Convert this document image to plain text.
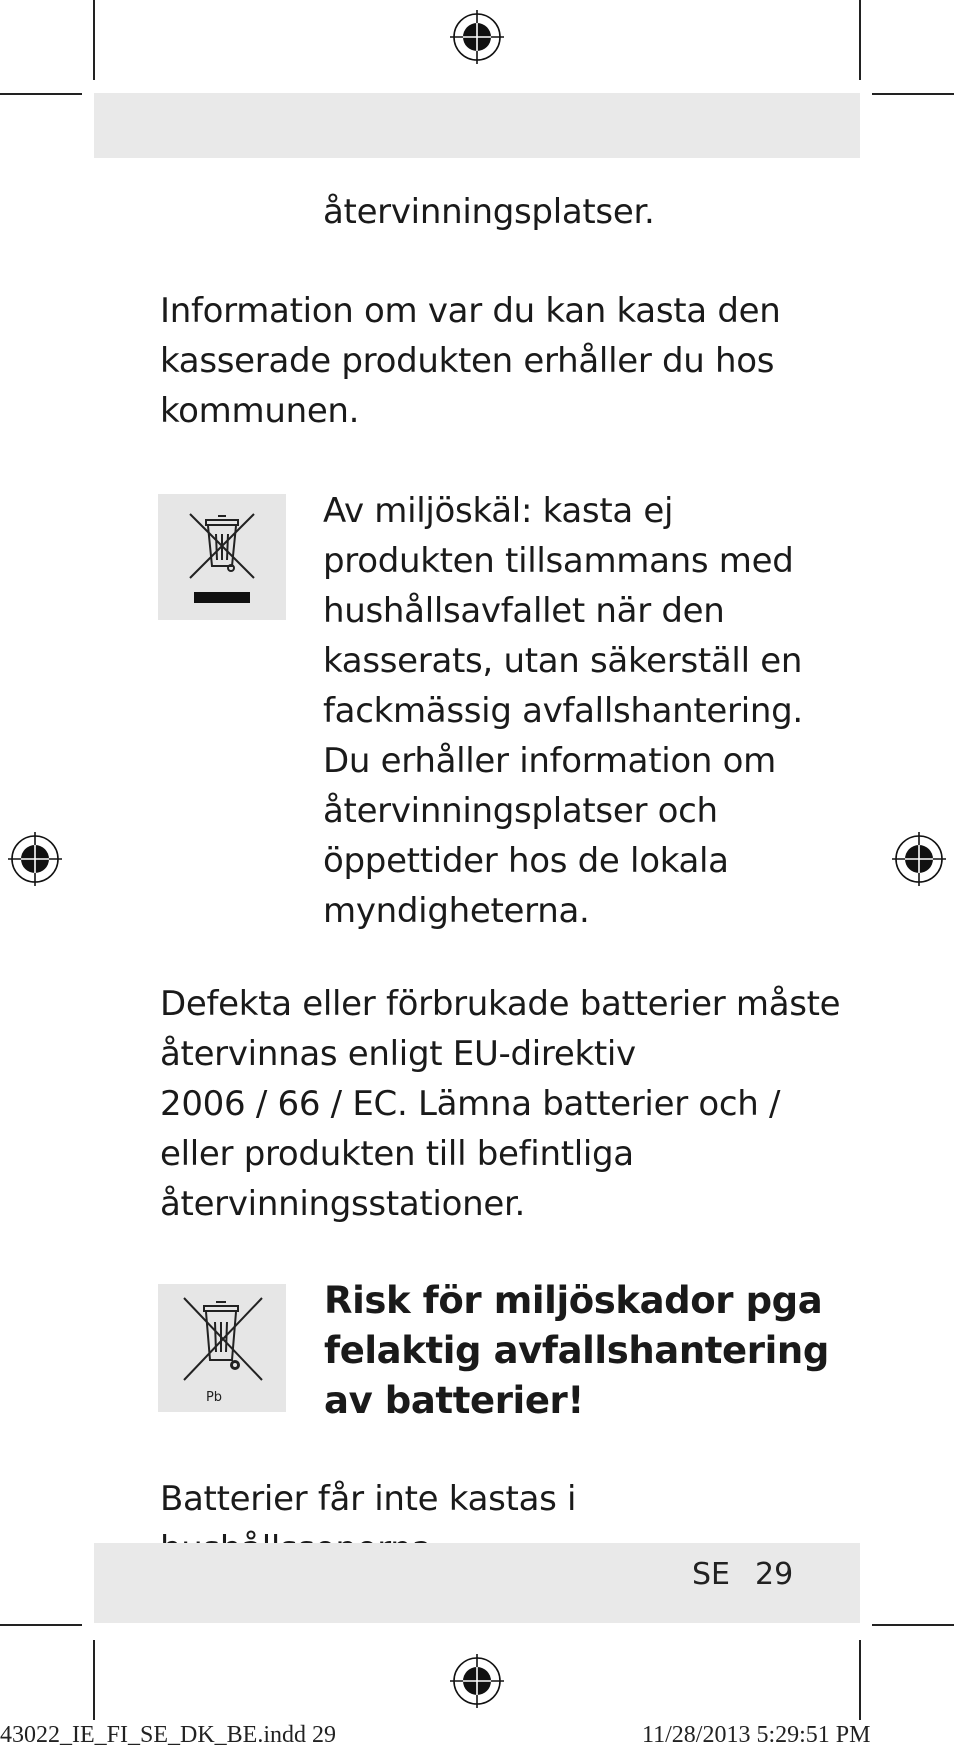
återvinningsplatser.
Information om var du kan kasta den
kasserade produkten erhåller du hos
kommunen.
Av miljöskäl: kasta ej
produkten tillsammans med
hushållsavfallet när den
kasserats, utan säkerställ en
fackmässig avfallshantering.
Du erhåller information om
återvinningsplatser och
öppettider hos de lokala
myndigheterna.
Defekta eller förbrukade batterier måste
återvinnas enligt EU-direktiv
2006 / 66 / EC. Lämna batterier och /
eller produkten till befintliga
återvinningsstationer.
Pb
Risk för miljöskador pga
felaktig avfallshantering
av batterier!
Batterier får inte kastas i
SE 29
43022_IE_FI_SE_DK_BE.indd 29	11/28/2013 5:29:51 PM
